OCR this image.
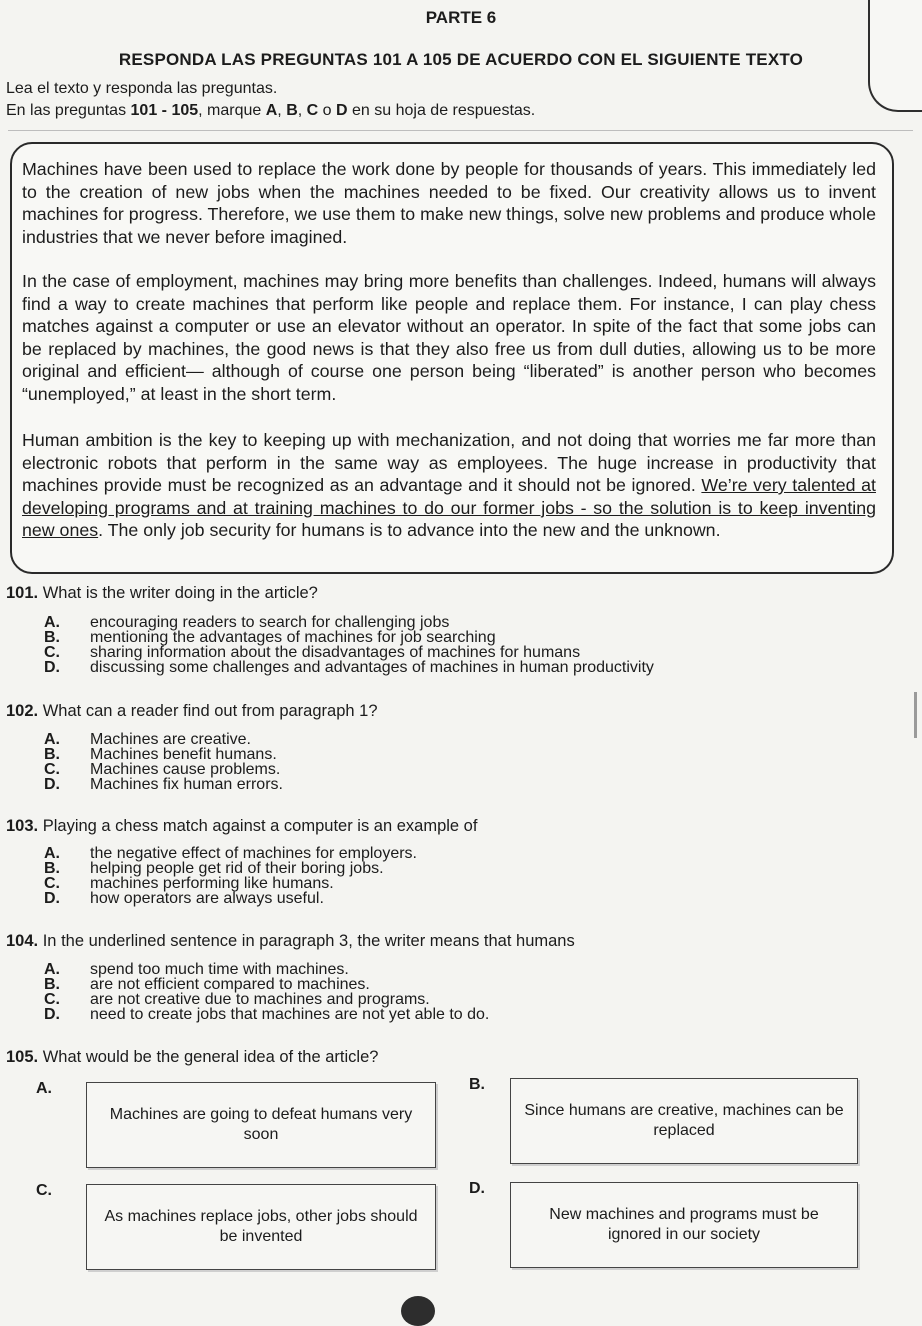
PARTE 6
RESPONDA LAS PREGUNTAS 101 A 105 DE ACUERDO CON EL SIGUIENTE TEXTO
Lea el texto y responda las preguntas.
En las preguntas 101 - 105, marque A, B, C o D en su hoja de respuestas.

Machines have been used to replace the work done by people for thousands of years. This immediately led to the creation of new jobs when the machines needed to be fixed. Our creativity allows us to invent machines for progress. Therefore, we use them to make new things, solve new problems and produce whole industries that we never before imagined.

In the case of employment, machines may bring more benefits than challenges. Indeed, humans will always find a way to create machines that perform like people and replace them. For instance, I can play chess matches against a computer or use an elevator without an operator. In spite of the fact that some jobs can be replaced by machines, the good news is that they also free us from dull duties, allowing us to be more original and efficient— although of course one person being “liberated” is another person who becomes “unemployed,” at least in the short term.

Human ambition is the key to keeping up with mechanization, and not doing that worries me far more than electronic robots that perform in the same way as employees. The huge increase in productivity that machines provide must be recognized as an advantage and it should not be ignored. We’re very talented at developing programs and at training machines to do our former jobs - so the solution is to keep inventing new ones. The only job security for humans is to advance into the new and the unknown.

101. What is the writer doing in the article?
A.	encouraging readers to search for challenging jobs
B.	mentioning the advantages of machines for job searching
C.	sharing information about the disadvantages of machines for humans
D.	discussing some challenges and advantages of machines in human productivity
102. What can a reader find out from paragraph 1?
A.	Machines are creative.
B.	Machines benefit humans.
C.	Machines cause problems.
D.	Machines fix human errors.
103. Playing a chess match against a computer is an example of
A.	the negative effect of machines for employers.
B.	helping people get rid of their boring jobs.
C.	machines performing like humans.
D.	how operators are always useful.
104. In the underlined sentence in paragraph 3, the writer means that humans
A.	spend too much time with machines.
B.	are not efficient compared to machines.
C.	are not creative due to machines and programs.
D.	need to create jobs that machines are not yet able to do.
105. What would be the general idea of the article?
A.
Machines are going to defeat humans very soon
B.
Since humans are creative, machines can be replaced
C.
As machines replace jobs, other jobs should be invented
D.
New machines and programs must be ignored in our society
